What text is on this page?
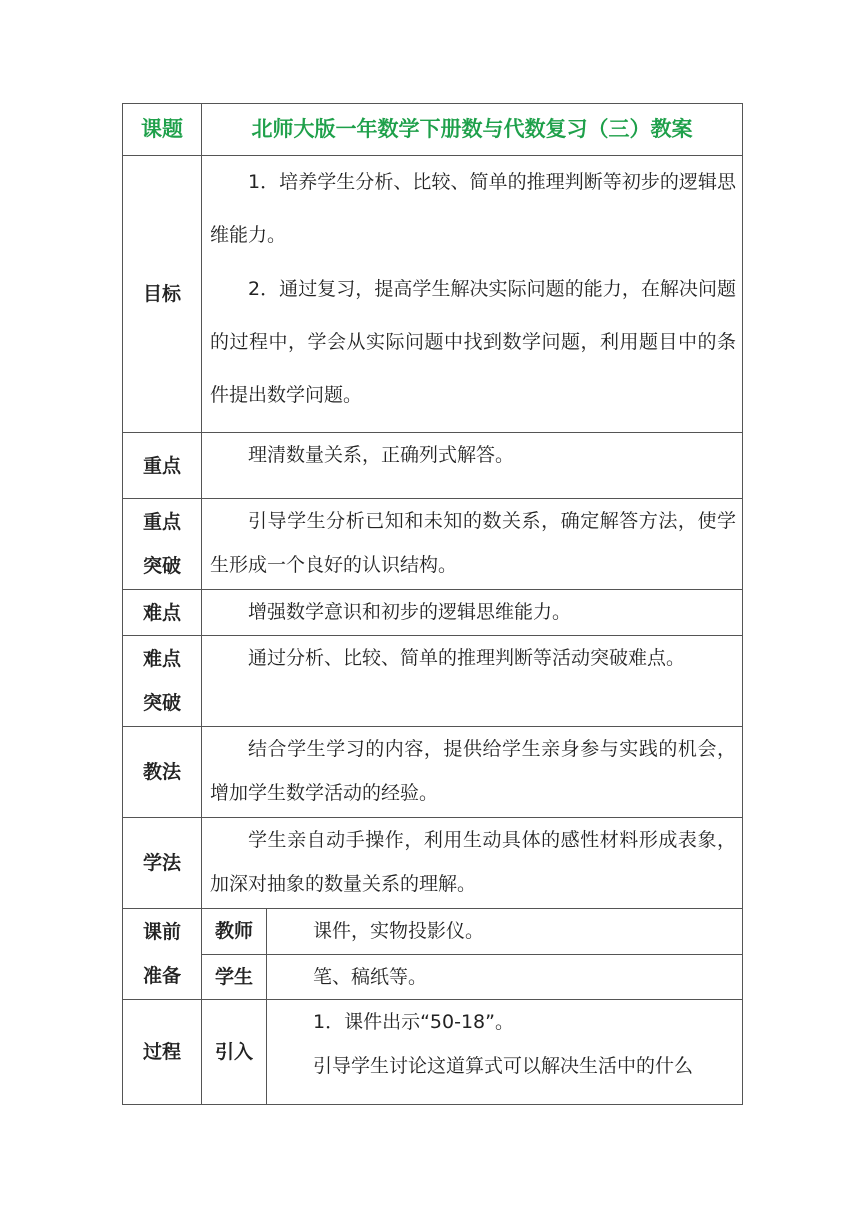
课题	北师大版一年数学下册数与代数复习（三）教案	

目标	1．培养学生分析、比较、简单的推理判断等初步的逻辑思维能力。

2．通过复习，提高学生解决实际问题的能力，在解决问题的过程中，学会从实际问题中找到数学问题，利用题目中的条件提出数学问题。	

重点	理清数量关系，正确列式解答。	

重点
突破	引导学生分析已知和未知的数关系，确定解答方法，使学生形成一个良好的认识结构。	

难点	增强数学意识和初步的逻辑思维能力。	

难点
突破	通过分析、比较、简单的推理判断等活动突破难点。	

教法	结合学生学习的内容，提供给学生亲身参与实践的机会，增加学生数学活动的经验。	

学法	学生亲自动手操作，利用生动具体的感性材料形成表象，加深对抽象的数量关系的理解。	

课前
准备	教师	课件，实物投影仪。
	学生	笔、稿纸等。

过程	引入	1．课件出示“50-18”。

引导学生讨论这道算式可以解决生活中的什么
